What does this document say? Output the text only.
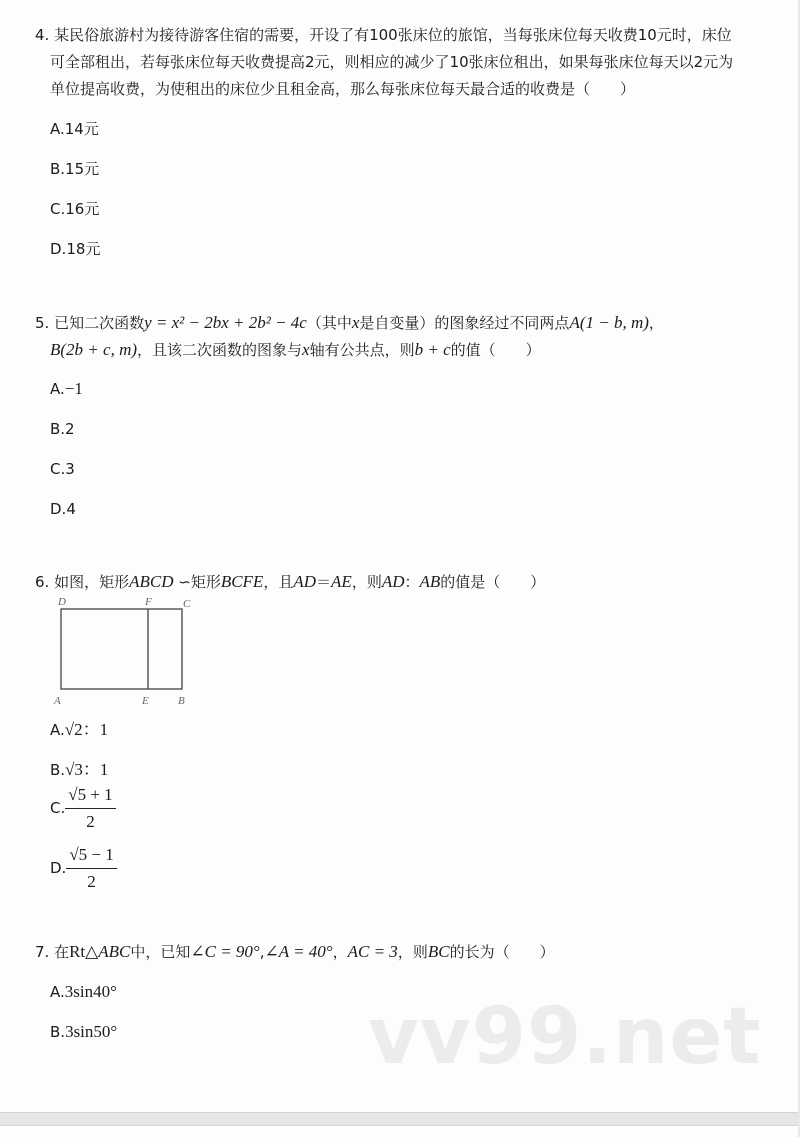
4. 某民俗旅游村为接待游客住宿的需要，开设了有100张床位的旅馆，当每张床位每天收费10元时，床位
可全部租出，若每张床位每天收费提高2元，则相应的减少了10张床位租出，如果每张床位每天以2元为
单位提高收费，为使租出的床位少且租金高，那么每张床位每天最合适的收费是（　　）
A.14元
B.15元
C.16元
D.18元
5. 已知二次函数y = x² − 2bx + 2b² − 4c（其中x是自变量）的图象经过不同两点A(1 − b, m)，
B(2b + c, m)，且该二次函数的图象与x轴有公共点，则b + c的值（　　）
A.−1
B.2
C.3
D.4
6. 如图，矩形ABCD ∽矩形BCFE，且AD＝AE，则AD：AB的值是（　　）
A.√2：1
B.√3：1
C. $\frac{√5 + 1}{2}$
D. $\frac{√5 - 1}{2}$
7. 在Rt△ABC中，已知∠C = 90°,∠A = 40°，AC = 3，则BC的长为（　　）
A.3sin40°
B.3sin50°
D	F	C
A	E	B
vv99.net
